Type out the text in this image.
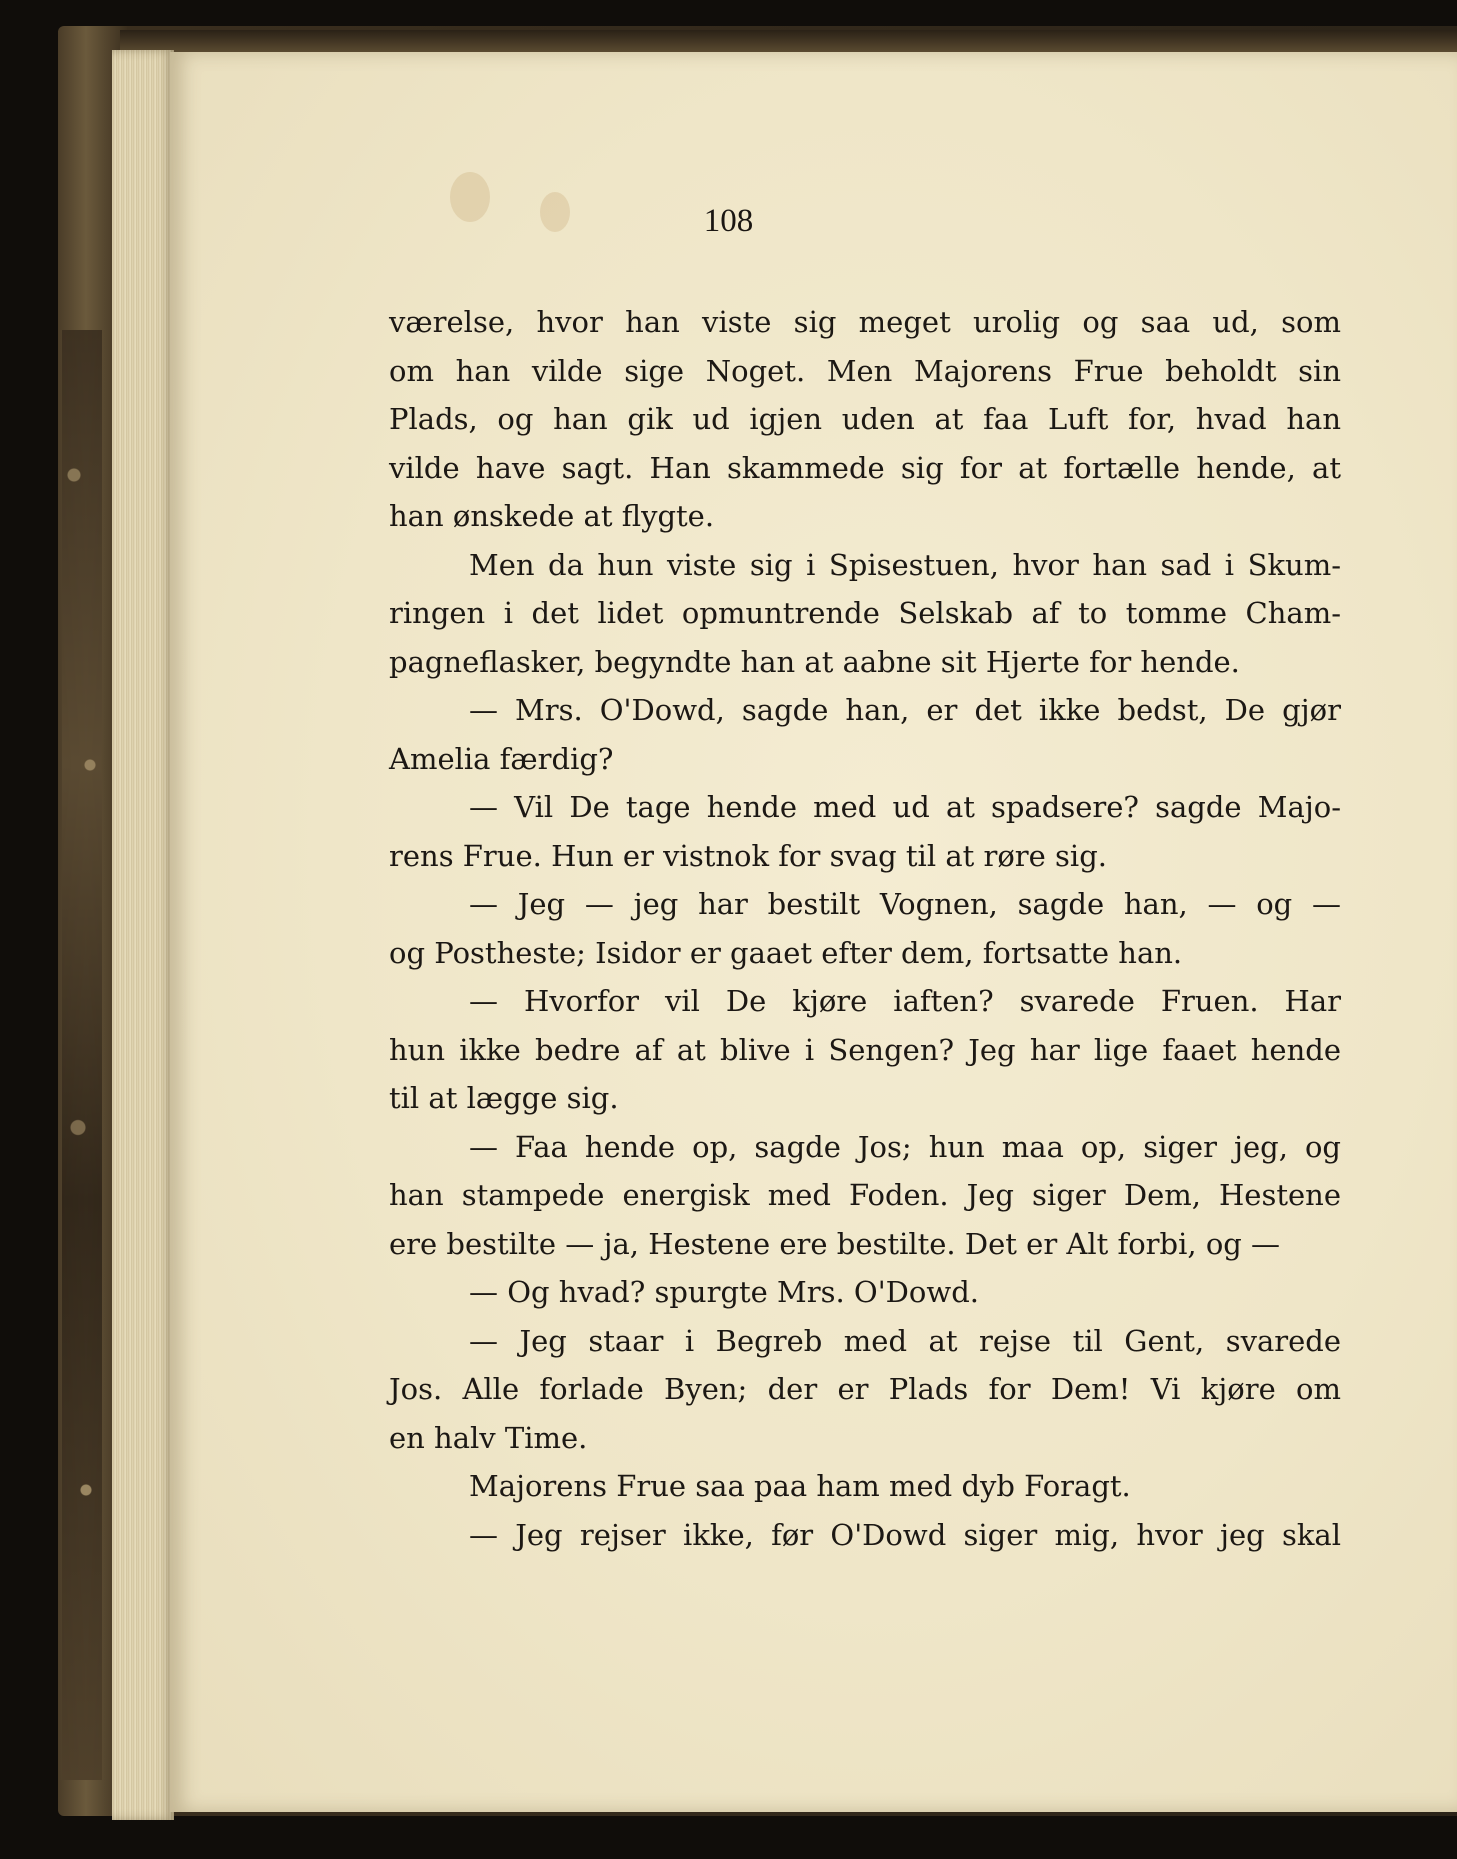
108
værelse, hvor han viste sig meget urolig og saa ud, som
om han vilde sige Noget. Men Majorens Frue beholdt sin
Plads, og han gik ud igjen uden at faa Luft for, hvad han
vilde have sagt. Han skammede sig for at fortælle hende, at
han ønskede at flygte.
Men da hun viste sig i Spisestuen, hvor han sad i Skum-
ringen i det lidet opmuntrende Selskab af to tomme Cham-
pagneflasker, begyndte han at aabne sit Hjerte for hende.
— Mrs. O'Dowd, sagde han, er det ikke bedst, De gjør
Amelia færdig?
— Vil De tage hende med ud at spadsere? sagde Majo-
rens Frue. Hun er vistnok for svag til at røre sig.
— Jeg — jeg har bestilt Vognen, sagde han, — og —
og Postheste; Isidor er gaaet efter dem, fortsatte han.
— Hvorfor vil De kjøre iaften? svarede Fruen. Har
hun ikke bedre af at blive i Sengen? Jeg har lige faaet hende
til at lægge sig.
— Faa hende op, sagde Jos; hun maa op, siger jeg, og
han stampede energisk med Foden. Jeg siger Dem, Hestene
ere bestilte — ja, Hestene ere bestilte. Det er Alt forbi, og —
— Og hvad? spurgte Mrs. O'Dowd.
— Jeg staar i Begreb med at rejse til Gent, svarede
Jos. Alle forlade Byen; der er Plads for Dem! Vi kjøre om
en halv Time.
Majorens Frue saa paa ham med dyb Foragt.
— Jeg rejser ikke, før O'Dowd siger mig, hvor jeg skal
